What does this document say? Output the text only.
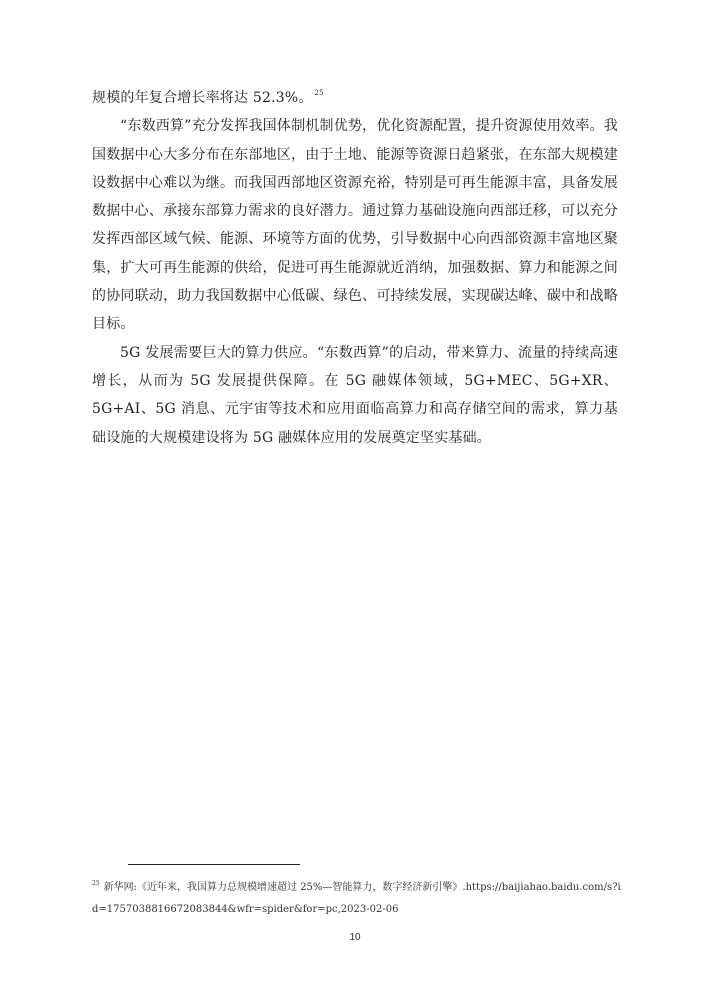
规模的年复合增长率将达 52.3%。 $^{25}$

“东数西算”充分发挥我国体制机制优势，优化资源配置，提升资源使用效率。我国数据中心大多分布在东部地区，由于土地、能源等资源日趋紧张，在东部大规模建设数据中心难以为继。而我国西部地区资源充裕，特别是可再生能源丰富，具备发展数据中心、承接东部算力需求的良好潜力。通过算力基础设施向西部迁移，可以充分发挥西部区域气候、能源、环境等方面的优势，引导数据中心向西部资源丰富地区聚集，扩大可再生能源的供给，促进可再生能源就近消纳，加强数据、算力和能源之间的协同联动，助力我国数据中心低碳、绿色、可持续发展，实现碳达峰、碳中和战略目标。

5G 发展需要巨大的算力供应。“东数西算”的启动，带来算力、流量的持续高速增长，从而为 5G 发展提供保障。在 5G 融媒体领域，5G+MEC、5G+XR、5G+AI、5G 消息、元宇宙等技术和应用面临高算力和高存储空间的需求，算力基础设施的大规模建设将为 5G 融媒体应用的发展奠定坚实基础。

$^{25}$ 新华网:《近年来，我国算力总规模增速超过 25%—智能算力，数字经济新引擎》.https://baijiahao.baidu.com/s?id=1757038816672083844&wfr=spider&for=pc,2023-02-06
10
